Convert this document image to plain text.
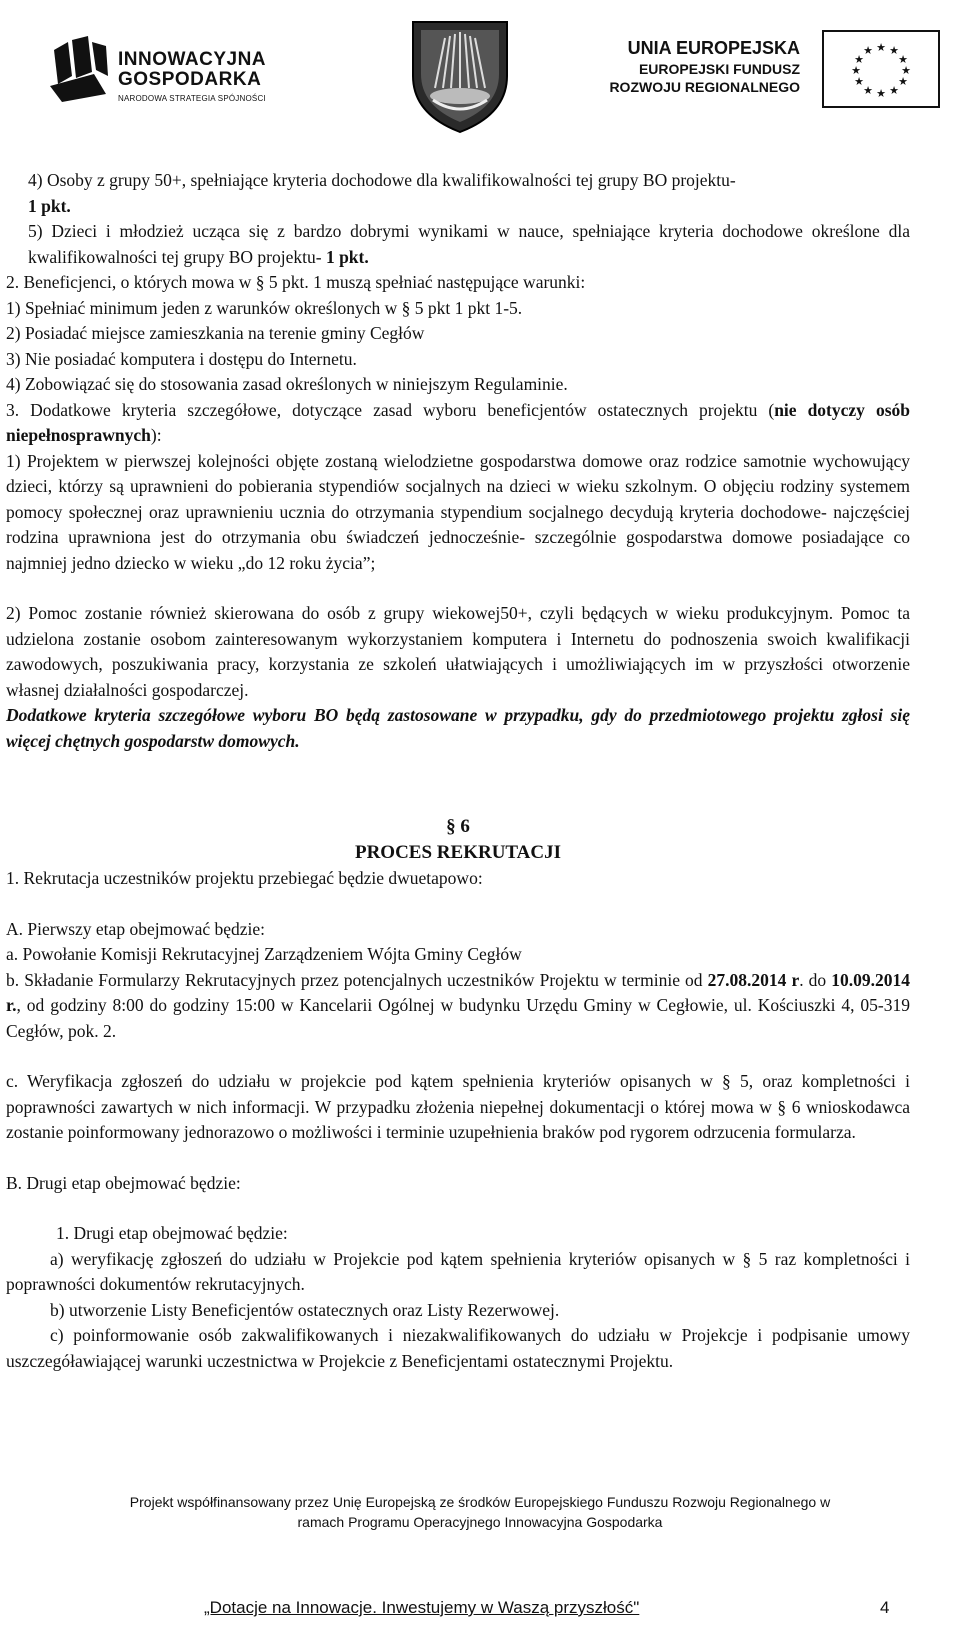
INNOWACYJNA
GOSPODARKA
NARODOWA STRATEGIA SPÓJNOŚCI
UNIA EUROPEJSKA
EUROPEJSKI FUNDUSZ
ROZWOJU REGIONALNEGO
★ ★
★
★
★
★
★
★
★
★
★
★

4) Osoby z grupy 50+, spełniające kryteria dochodowe dla kwalifikowalności tej grupy BO projektu-
1 pkt.

5) Dzieci i młodzież ucząca się z bardzo dobrymi wynikami w nauce, spełniające kryteria dochodowe określone dla kwalifikowalności tej grupy BO projektu- 1 pkt.

2. Beneficjenci, o których mowa w § 5 pkt. 1 muszą spełniać następujące warunki:

1) Spełniać minimum jeden z warunków określonych w § 5 pkt 1 pkt 1-5.

2) Posiadać miejsce zamieszkania na terenie gminy Cegłów

3) Nie posiadać komputera i dostępu do Internetu.

4) Zobowiązać się do stosowania zasad określonych w niniejszym Regulaminie.

3. Dodatkowe kryteria szczegółowe, dotyczące zasad wyboru beneficjentów ostatecznych projektu (nie dotyczy osób niepełnosprawnych):

1) Projektem w pierwszej kolejności objęte zostaną wielodzietne gospodarstwa domowe oraz rodzice samotnie wychowujący dzieci, którzy są uprawnieni do pobierania stypendiów socjalnych na dzieci w wieku szkolnym. O objęciu rodziny systemem pomocy społecznej oraz uprawnieniu ucznia do otrzymania stypendium socjalnego decydują kryteria dochodowe- najczęściej rodzina uprawniona jest do otrzymania obu świadczeń jednocześnie- szczególnie gospodarstwa domowe posiadające co najmniej jedno dziecko w wieku „do 12 roku życia”;

2) Pomoc zostanie również skierowana do osób z grupy wiekowej50+, czyli będących w wieku produkcyjnym. Pomoc ta udzielona zostanie osobom zainteresowanym wykorzystaniem komputera i Internetu do podnoszenia swoich kwalifikacji zawodowych, poszukiwania pracy, korzystania ze szkoleń ułatwiających i umożliwiających im w przyszłości otworzenie własnej działalności gospodarczej.

Dodatkowe kryteria szczegółowe wyboru BO będą zastosowane w przypadku, gdy do przedmiotowego projektu zgłosi się więcej chętnych gospodarstw domowych.

§ 6

PROCES REKRUTACJI

1. Rekrutacja uczestników projektu przebiegać będzie dwuetapowo:

A. Pierwszy etap obejmować będzie:

a. Powołanie Komisji Rekrutacyjnej Zarządzeniem Wójta Gminy Cegłów

b. Składanie Formularzy Rekrutacyjnych przez potencjalnych uczestników Projektu w terminie od 27.08.2014 r. do 10.09.2014 r., od godziny 8:00 do godziny 15:00 w Kancelarii Ogólnej w budynku Urzędu Gminy w Cegłowie, ul. Kościuszki 4, 05-319 Cegłów, pok. 2.

c. Weryfikacja zgłoszeń do udziału w projekcie pod kątem spełnienia kryteriów opisanych w § 5, oraz kompletności i poprawności zawartych w nich informacji. W przypadku złożenia niepełnej dokumentacji o której mowa w § 6 wnioskodawca zostanie poinformowany jednorazowo o możliwości i terminie uzupełnienia braków pod rygorem odrzucenia formularza.

B. Drugi etap obejmować będzie:

1. Drugi etap obejmować będzie:

a) weryfikację zgłoszeń do udziału w Projekcie pod kątem spełnienia kryteriów opisanych w § 5 raz kompletności i poprawności dokumentów rekrutacyjnych.

b) utworzenie Listy Beneficjentów ostatecznych oraz Listy Rezerwowej.

c) poinformowanie osób zakwalifikowanych i niezakwalifikowanych do udziału w Projekcje i podpisanie umowy uszczegóławiającej warunki uczestnictwa w Projekcie z Beneficjentami ostatecznymi Projektu.

Projekt współfinansowany przez Unię Europejską ze środków Europejskiego Funduszu Rozwoju Regionalnego w
ramach Programu Operacyjnego Innowacyjna Gospodarka
„Dotacje na Innowacje. Inwestujemy w Waszą przyszłość"	4
